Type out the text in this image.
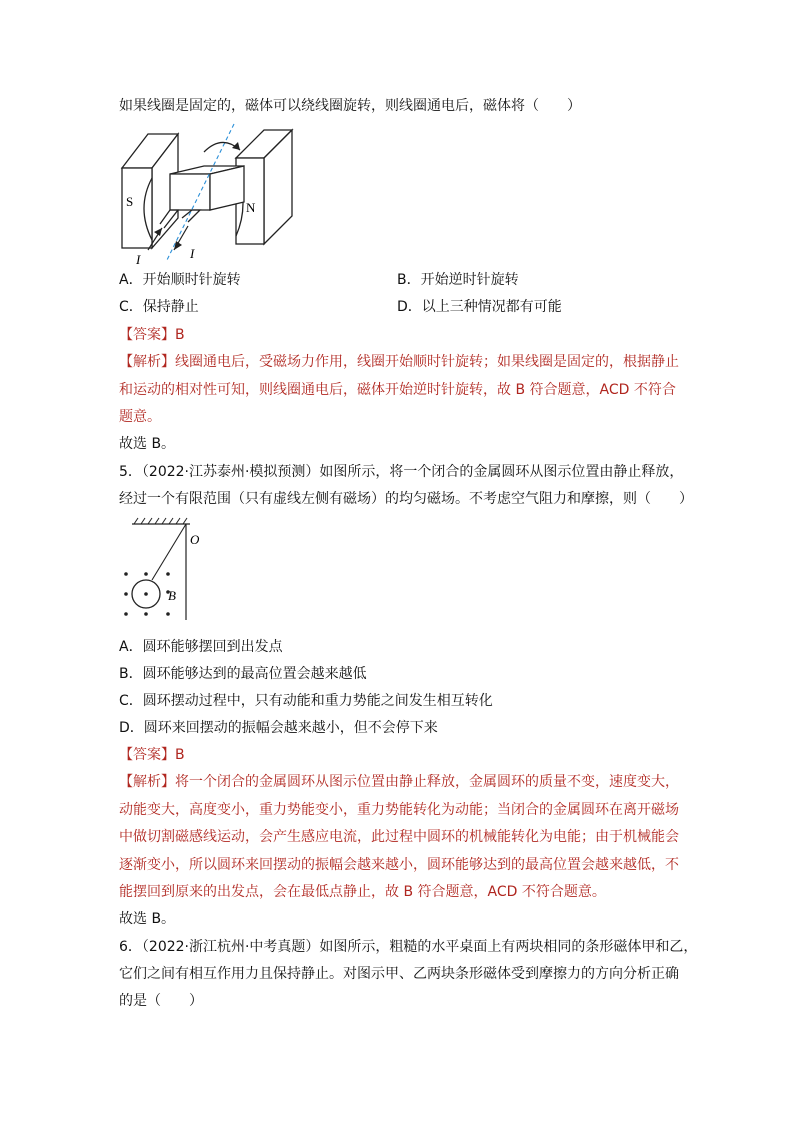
如果线圈是固定的，磁体可以绕线圈旋转，则线圈通电后，磁体将（　　）
S	N
I	I
A．开始顺时针旋转	B．开始逆时针旋转
C．保持静止	D．以上三种情况都有可能
【答案】B
【解析】线圈通电后，受磁场力作用，线圈开始顺时针旋转；如果线圈是固定的，根据静止
和运动的相对性可知，则线圈通电后，磁体开始逆时针旋转，故 B 符合题意，ACD 不符合
题意。
故选 B。
5．（2022·江苏泰州·模拟预测）如图所示，将一个闭合的金属圆环从图示位置由静止释放，
经过一个有限范围（只有虚线左侧有磁场）的均匀磁场。不考虑空气阻力和摩擦，则（　　）
O
B
A．圆环能够摆回到出发点
B．圆环能够达到的最高位置会越来越低
C．圆环摆动过程中，只有动能和重力势能之间发生相互转化
D．圆环来回摆动的振幅会越来越小，但不会停下来
【答案】B
【解析】将一个闭合的金属圆环从图示位置由静止释放，金属圆环的质量不变，速度变大，
动能变大，高度变小，重力势能变小，重力势能转化为动能；当闭合的金属圆环在离开磁场
中做切割磁感线运动，会产生感应电流，此过程中圆环的机械能转化为电能；由于机械能会
逐渐变小，所以圆环来回摆动的振幅会越来越小，圆环能够达到的最高位置会越来越低，不
能摆回到原来的出发点，会在最低点静止，故 B 符合题意，ACD 不符合题意。
故选 B。
6．（2022·浙江杭州·中考真题）如图所示，粗糙的水平桌面上有两块相同的条形磁体甲和乙，
它们之间有相互作用力且保持静止。对图示甲、乙两块条形磁体受到摩擦力的方向分析正确
的是（　　）
